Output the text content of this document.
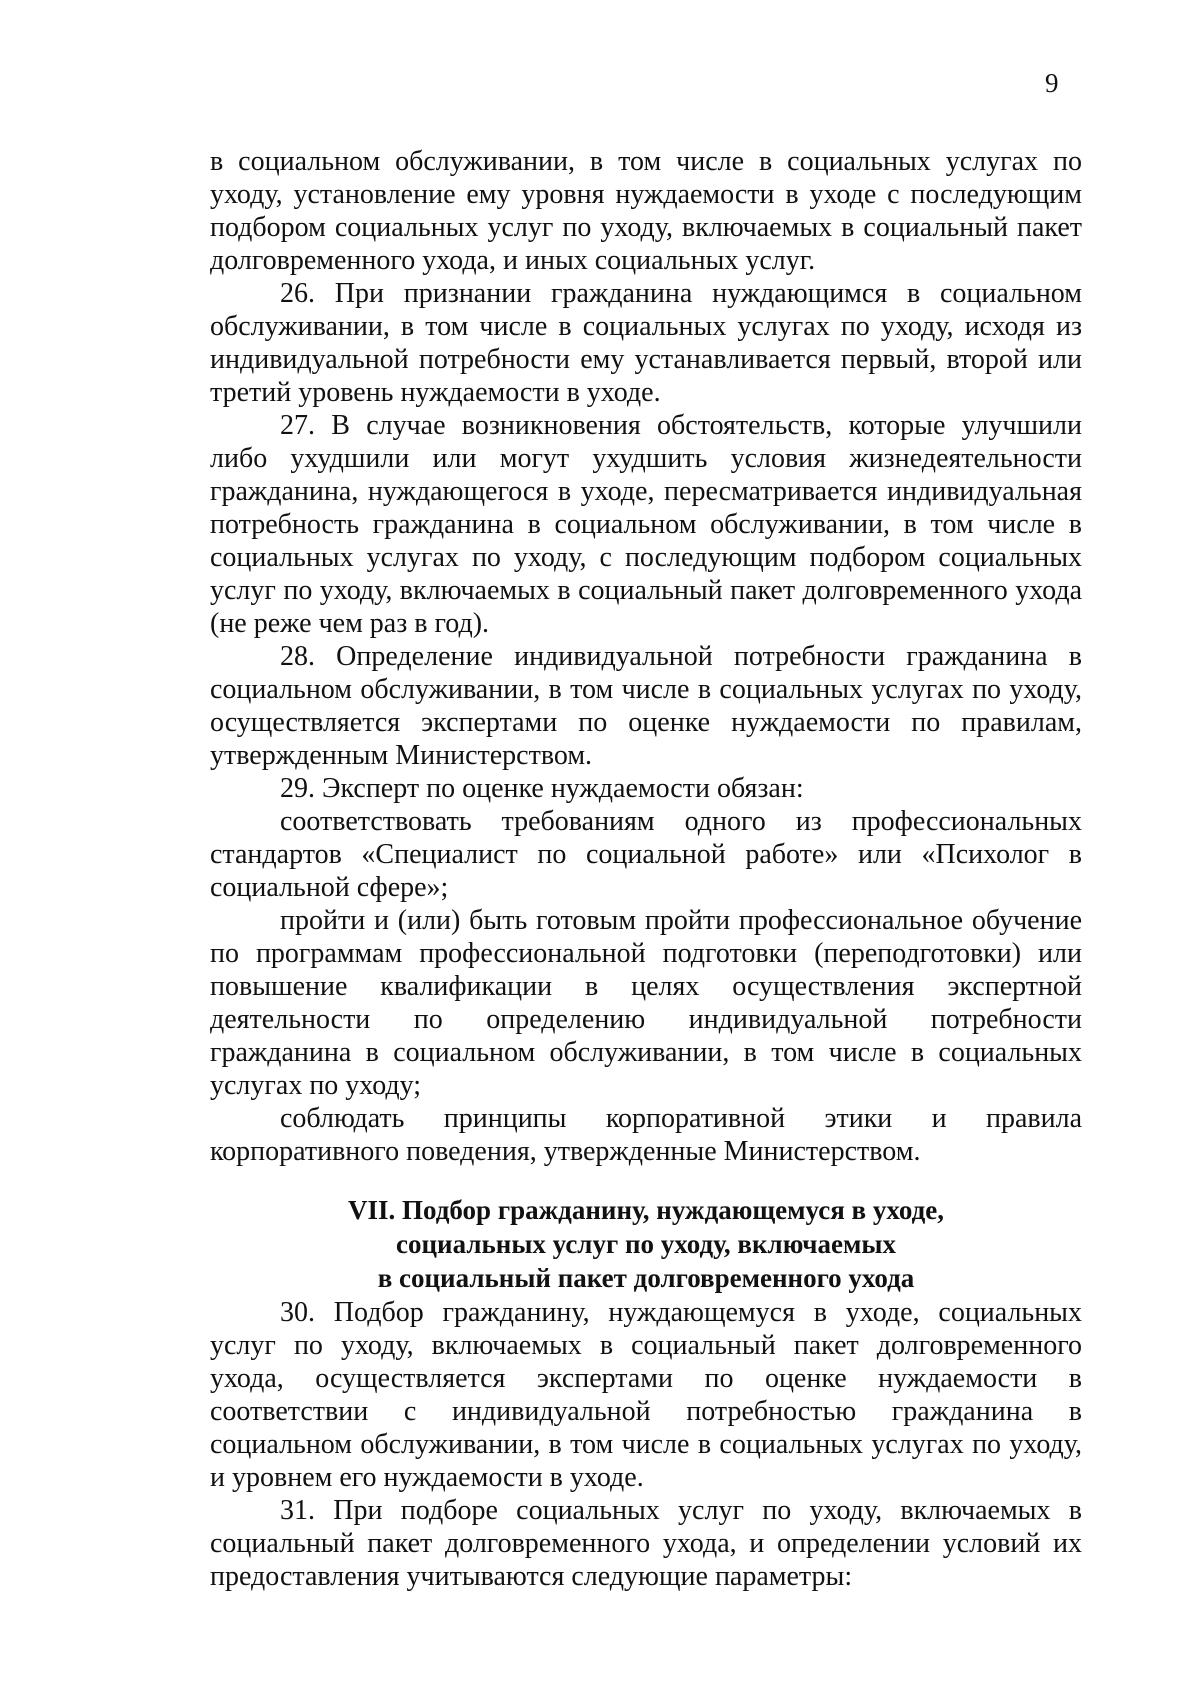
9

в социальном обслуживании, в том числе в социальных услугах по уходу, установление ему уровня нуждаемости в уходе с последующим подбором социальных услуг по уходу, включаемых в социальный пакет долговременного ухода, и иных социальных услуг.

26. При признании гражданина нуждающимся в социальном обслуживании, в том числе в социальных услугах по уходу, исходя из индивидуальной потребности ему устанавливается первый, второй или третий уровень нуждаемости в уходе.

27. В случае возникновения обстоятельств, которые улучшили либо ухудшили или могут ухудшить условия жизнедеятельности гражданина, нуждающегося в уходе, пересматривается индивидуальная потребность гражданина в социальном обслуживании, в том числе в социальных услугах по уходу, с последующим подбором социальных услуг по уходу, включаемых в социальный пакет долговременного ухода (не реже чем раз в год).

28. Определение индивидуальной потребности гражданина в социальном обслуживании, в том числе в социальных услугах по уходу, осуществляется экспертами по оценке нуждаемости по правилам, утвержденным Министерством.

29. Эксперт по оценке нуждаемости обязан:

соответствовать требованиям одного из профессиональных стандартов «Специалист по социальной работе» или «Психолог в социальной сфере»;

пройти и (или) быть готовым пройти профессиональное обучение по программам профессиональной подготовки (переподготовки) или повышение квалификации в целях осуществления экспертной деятельности по определению индивидуальной потребности гражданина в социальном обслуживании, в том числе в социальных услугах по уходу;

соблюдать принципы корпоративной этики и правила корпоративного поведения, утвержденные Министерством.

VII. Подбор гражданину, нуждающемуся в уходе,
социальных услуг по уходу, включаемых
в социальный пакет долговременного ухода

30. Подбор гражданину, нуждающемуся в уходе, социальных услуг по уходу, включаемых в социальный пакет долговременного ухода, осуществляется экспертами по оценке нуждаемости в соответствии с индивидуальной потребностью гражданина в социальном обслуживании, в том числе в социальных услугах по уходу, и уровнем его нуждаемости в уходе.

31. При подборе социальных услуг по уходу, включаемых в социальный пакет долговременного ухода, и определении условий их предоставления учитываются следующие параметры:
